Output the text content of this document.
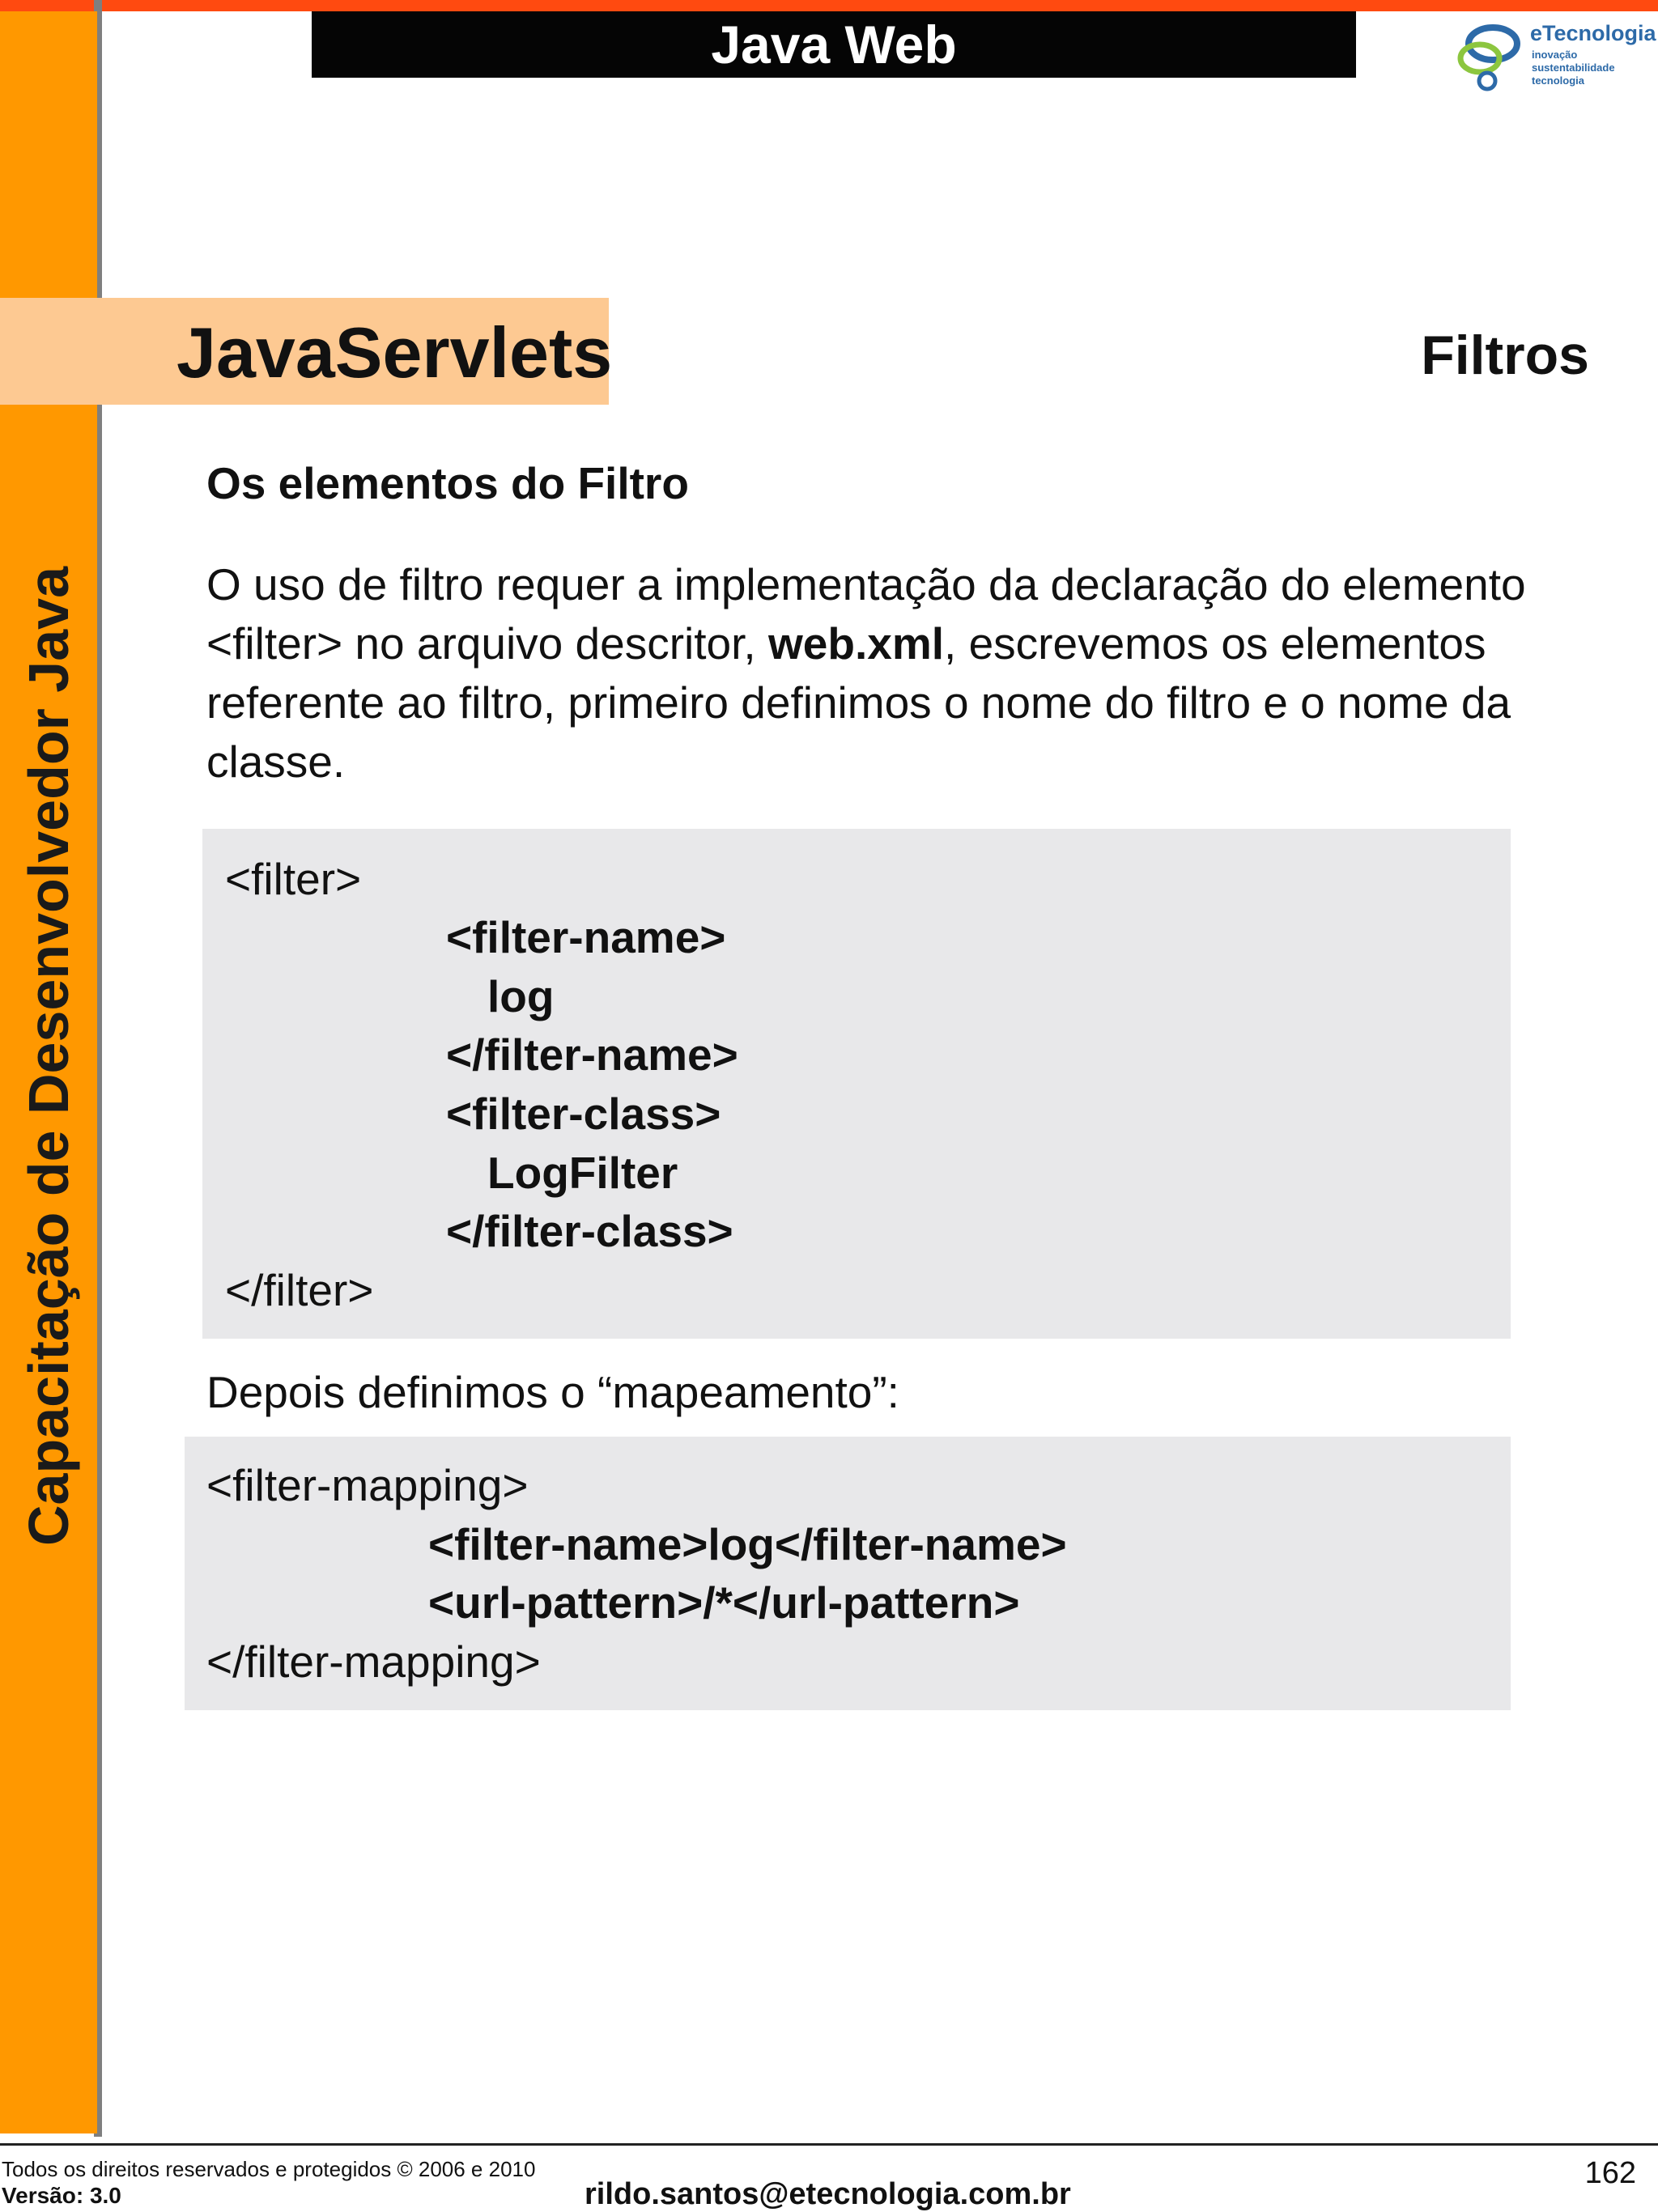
Java Web	eTecnologia
inovação
sustentabilidade
tecnologia
Capacitação de Desenvolvedor Java
JavaServlets	Filtros
Os elementos do Filtro
O uso de filtro requer a implementação da declaração do elemento <filter> no arquivo descritor, web.xml, escrevemos os elementos referente ao filtro, primeiro definimos o nome do filtro e o nome da classe.
<filter>
<filter-name>
log
</filter-name>
<filter-class>
LogFilter
</filter-class>
</filter>
Depois definimos o “mapeamento”:
<filter-mapping>
<filter-name>log</filter-name>
<url-pattern>/*</url-pattern>
</filter-mapping>
Todos os direitos reservados e protegidos © 2006 e 2010
Versão: 3.0	rildo.santos@etecnologia.com.br
162
